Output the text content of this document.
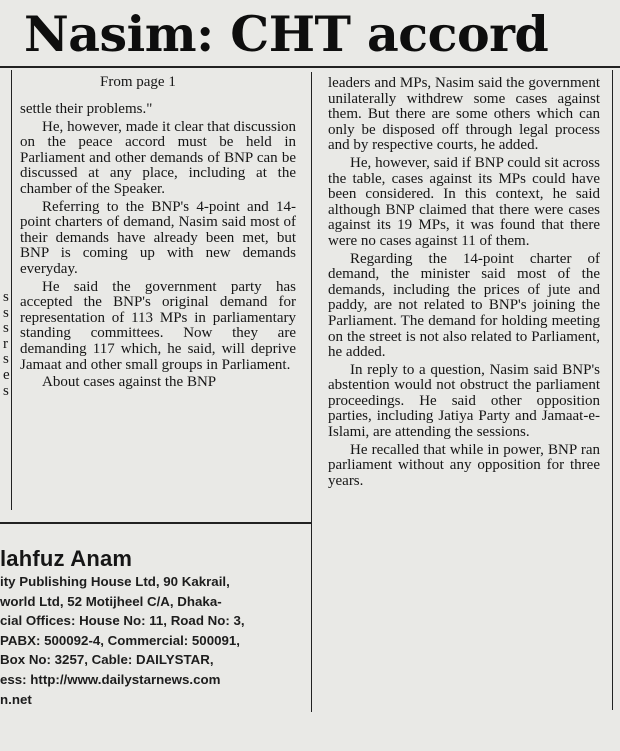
Nasim: CHT accord
From page 1

settle their problems."

He, however, made it clear that discussion on the peace accord must be held in Parliament and other demands of BNP can be discussed at any place, including at the chamber of the Speaker.

Referring to the BNP's 4-point and 14-point charters of demand, Nasim said most of their demands have already been met, but BNP is coming up with new demands everyday.

He said the government party has accepted the BNP's original demand for representation of 113 MPs in parliamentary standing committees. Now they are demanding 117 which, he said, will deprive Jamaat and other small groups in Parliament.

About cases against the BNP

s
s
s
r
s
e
s

leaders and MPs, Nasim said the government unilaterally withdrew some cases against them. But there are some others which can only be disposed off through legal process and by respective courts, he added.

He, however, said if BNP could sit across the table, cases against its MPs could have been considered. In this context, he said although BNP claimed that there were cases against its 19 MPs, it was found that there were no cases against 11 of them.

Regarding the 14-point charter of demand, the minister said most of the demands, including the prices of jute and paddy, are not related to BNP's joining the Parliament. The demand for holding meeting on the street is not also related to Parliament, he added.

In reply to a question, Nasim said BNP's abstention would not obstruct the parliament proceedings. He said other opposition parties, including Jatiya Party and Jamaat-e-Islami, are attending the sessions.

He recalled that while in power, BNP ran parliament without any opposition for three years.

lahfuz Anam
ity Publishing House Ltd, 90 Kakrail,
world Ltd, 52 Motijheel C/A, Dhaka-
cial Offices: House No: 11, Road No: 3,
PABX: 500092-4, Commercial: 500091,
Box No: 3257, Cable: DAILYSTAR,
ess: http://www.dailystarnews.com
n.net
